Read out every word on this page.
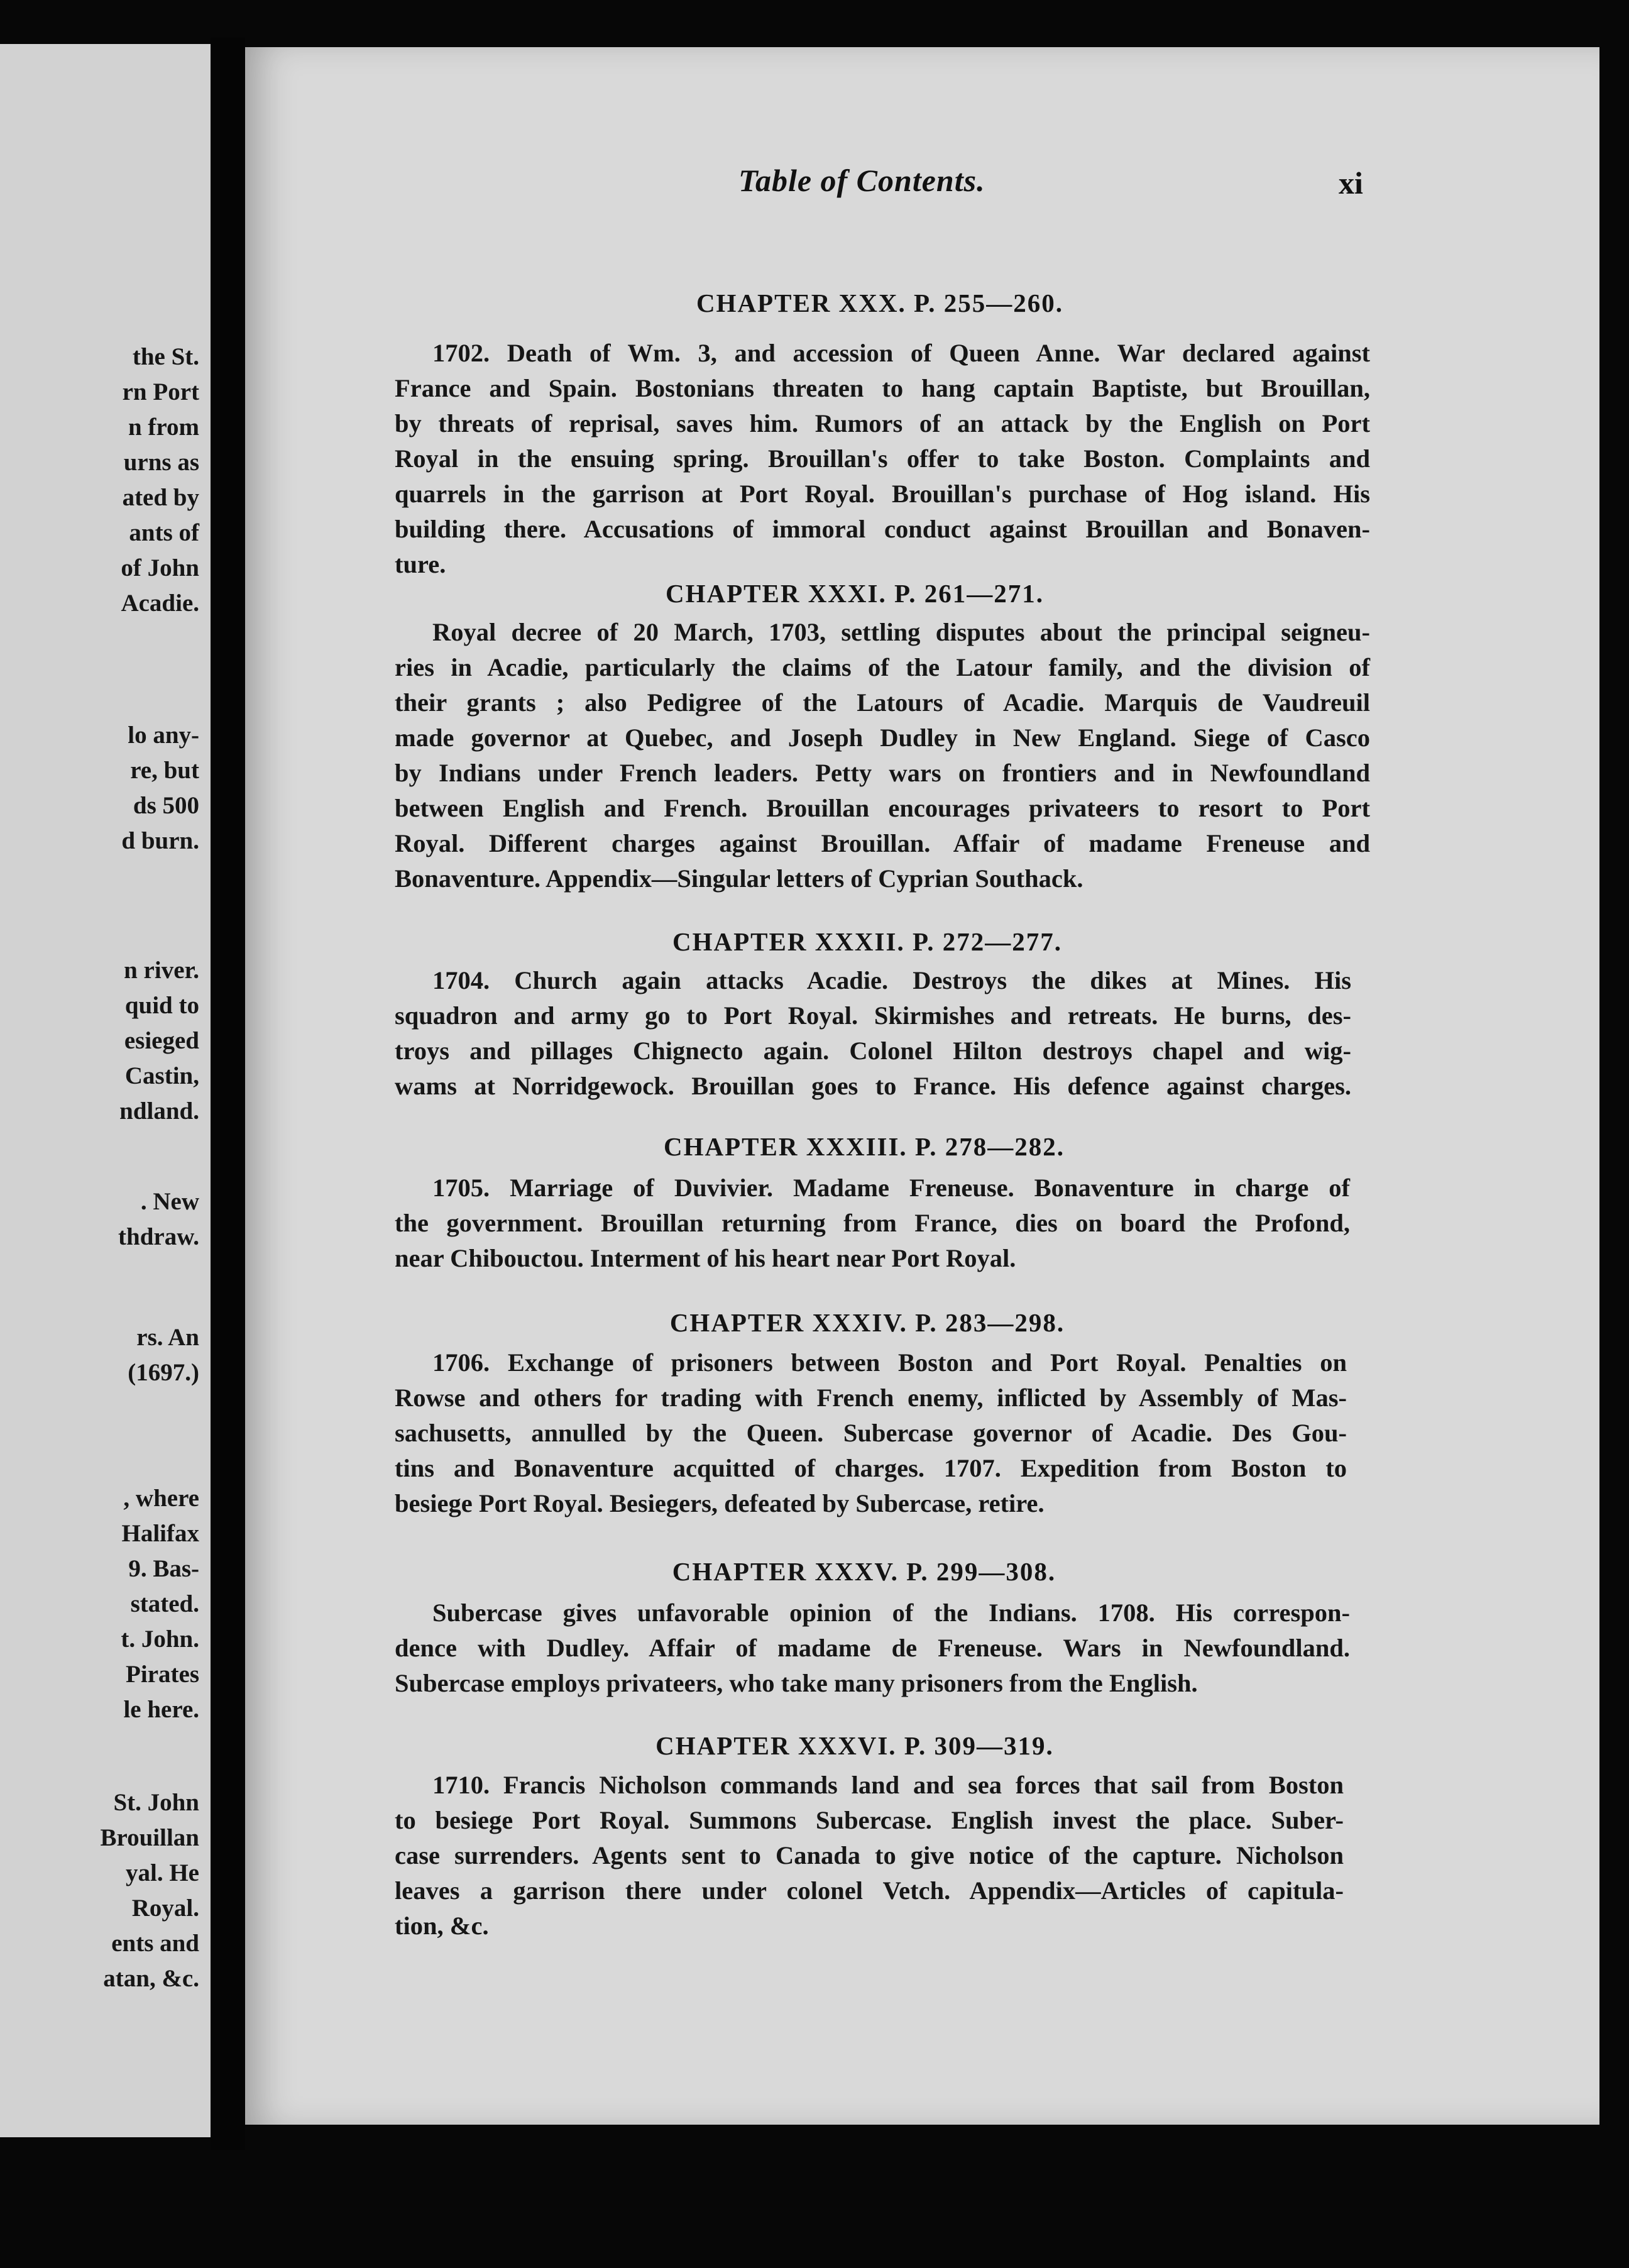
the St.
rn Port
n from
urns as
ated by
ants of
of John
Acadie.
lo any-
re, but
ds 500
d burn.
n river.
quid to
esieged
Castin,
ndland.
. New
thdraw.
rs. An
(1697.)
, where
Halifax
9. Bas-
stated.
t. John.
Pirates
le here.
St. John
Brouillan
yal. He
Royal.
ents and
atan, &c.
Table of Contents.	xi
CHAPTER XXX. P. 255—260.
1702. Death of Wm. 3, and accession of Queen Anne. War declared against
France and Spain. Bostonians threaten to hang captain Baptiste, but Brouillan,
by threats of reprisal, saves him. Rumors of an attack by the English on Port
Royal in the ensuing spring. Brouillan's offer to take Boston. Complaints and
quarrels in the garrison at Port Royal. Brouillan's purchase of Hog island. His
building there. Accusations of immoral conduct against Brouillan and Bonaven-
ture.
CHAPTER XXXI. P. 261—271.
Royal decree of 20 March, 1703, settling disputes about the principal seigneu-
ries in Acadie, particularly the claims of the Latour family, and the division of
their grants ; also Pedigree of the Latours of Acadie. Marquis de Vaudreuil
made governor at Quebec, and Joseph Dudley in New England. Siege of Casco
by Indians under French leaders. Petty wars on frontiers and in Newfoundland
between English and French. Brouillan encourages privateers to resort to Port
Royal. Different charges against Brouillan. Affair of madame Freneuse and
Bonaventure. Appendix—Singular letters of Cyprian Southack.
CHAPTER XXXII. P. 272—277.
1704. Church again attacks Acadie. Destroys the dikes at Mines. His
squadron and army go to Port Royal. Skirmishes and retreats. He burns, des-
troys and pillages Chignecto again. Colonel Hilton destroys chapel and wig-
wams at Norridgewock. Brouillan goes to France. His defence against charges.
CHAPTER XXXIII. P. 278—282.
1705. Marriage of Duvivier. Madame Freneuse. Bonaventure in charge of
the government. Brouillan returning from France, dies on board the Profond,
near Chibouctou. Interment of his heart near Port Royal.
CHAPTER XXXIV. P. 283—298.
1706. Exchange of prisoners between Boston and Port Royal. Penalties on
Rowse and others for trading with French enemy, inflicted by Assembly of Mas-
sachusetts, annulled by the Queen. Subercase governor of Acadie. Des Gou-
tins and Bonaventure acquitted of charges. 1707. Expedition from Boston to
besiege Port Royal. Besiegers, defeated by Subercase, retire.
CHAPTER XXXV. P. 299—308.
Subercase gives unfavorable opinion of the Indians. 1708. His correspon-
dence with Dudley. Affair of madame de Freneuse. Wars in Newfoundland.
Subercase employs privateers, who take many prisoners from the English.
CHAPTER XXXVI. P. 309—319.
1710. Francis Nicholson commands land and sea forces that sail from Boston
to besiege Port Royal. Summons Subercase. English invest the place. Suber-
case surrenders. Agents sent to Canada to give notice of the capture. Nicholson
leaves a garrison there under colonel Vetch. Appendix—Articles of capitula-
tion, &c.
